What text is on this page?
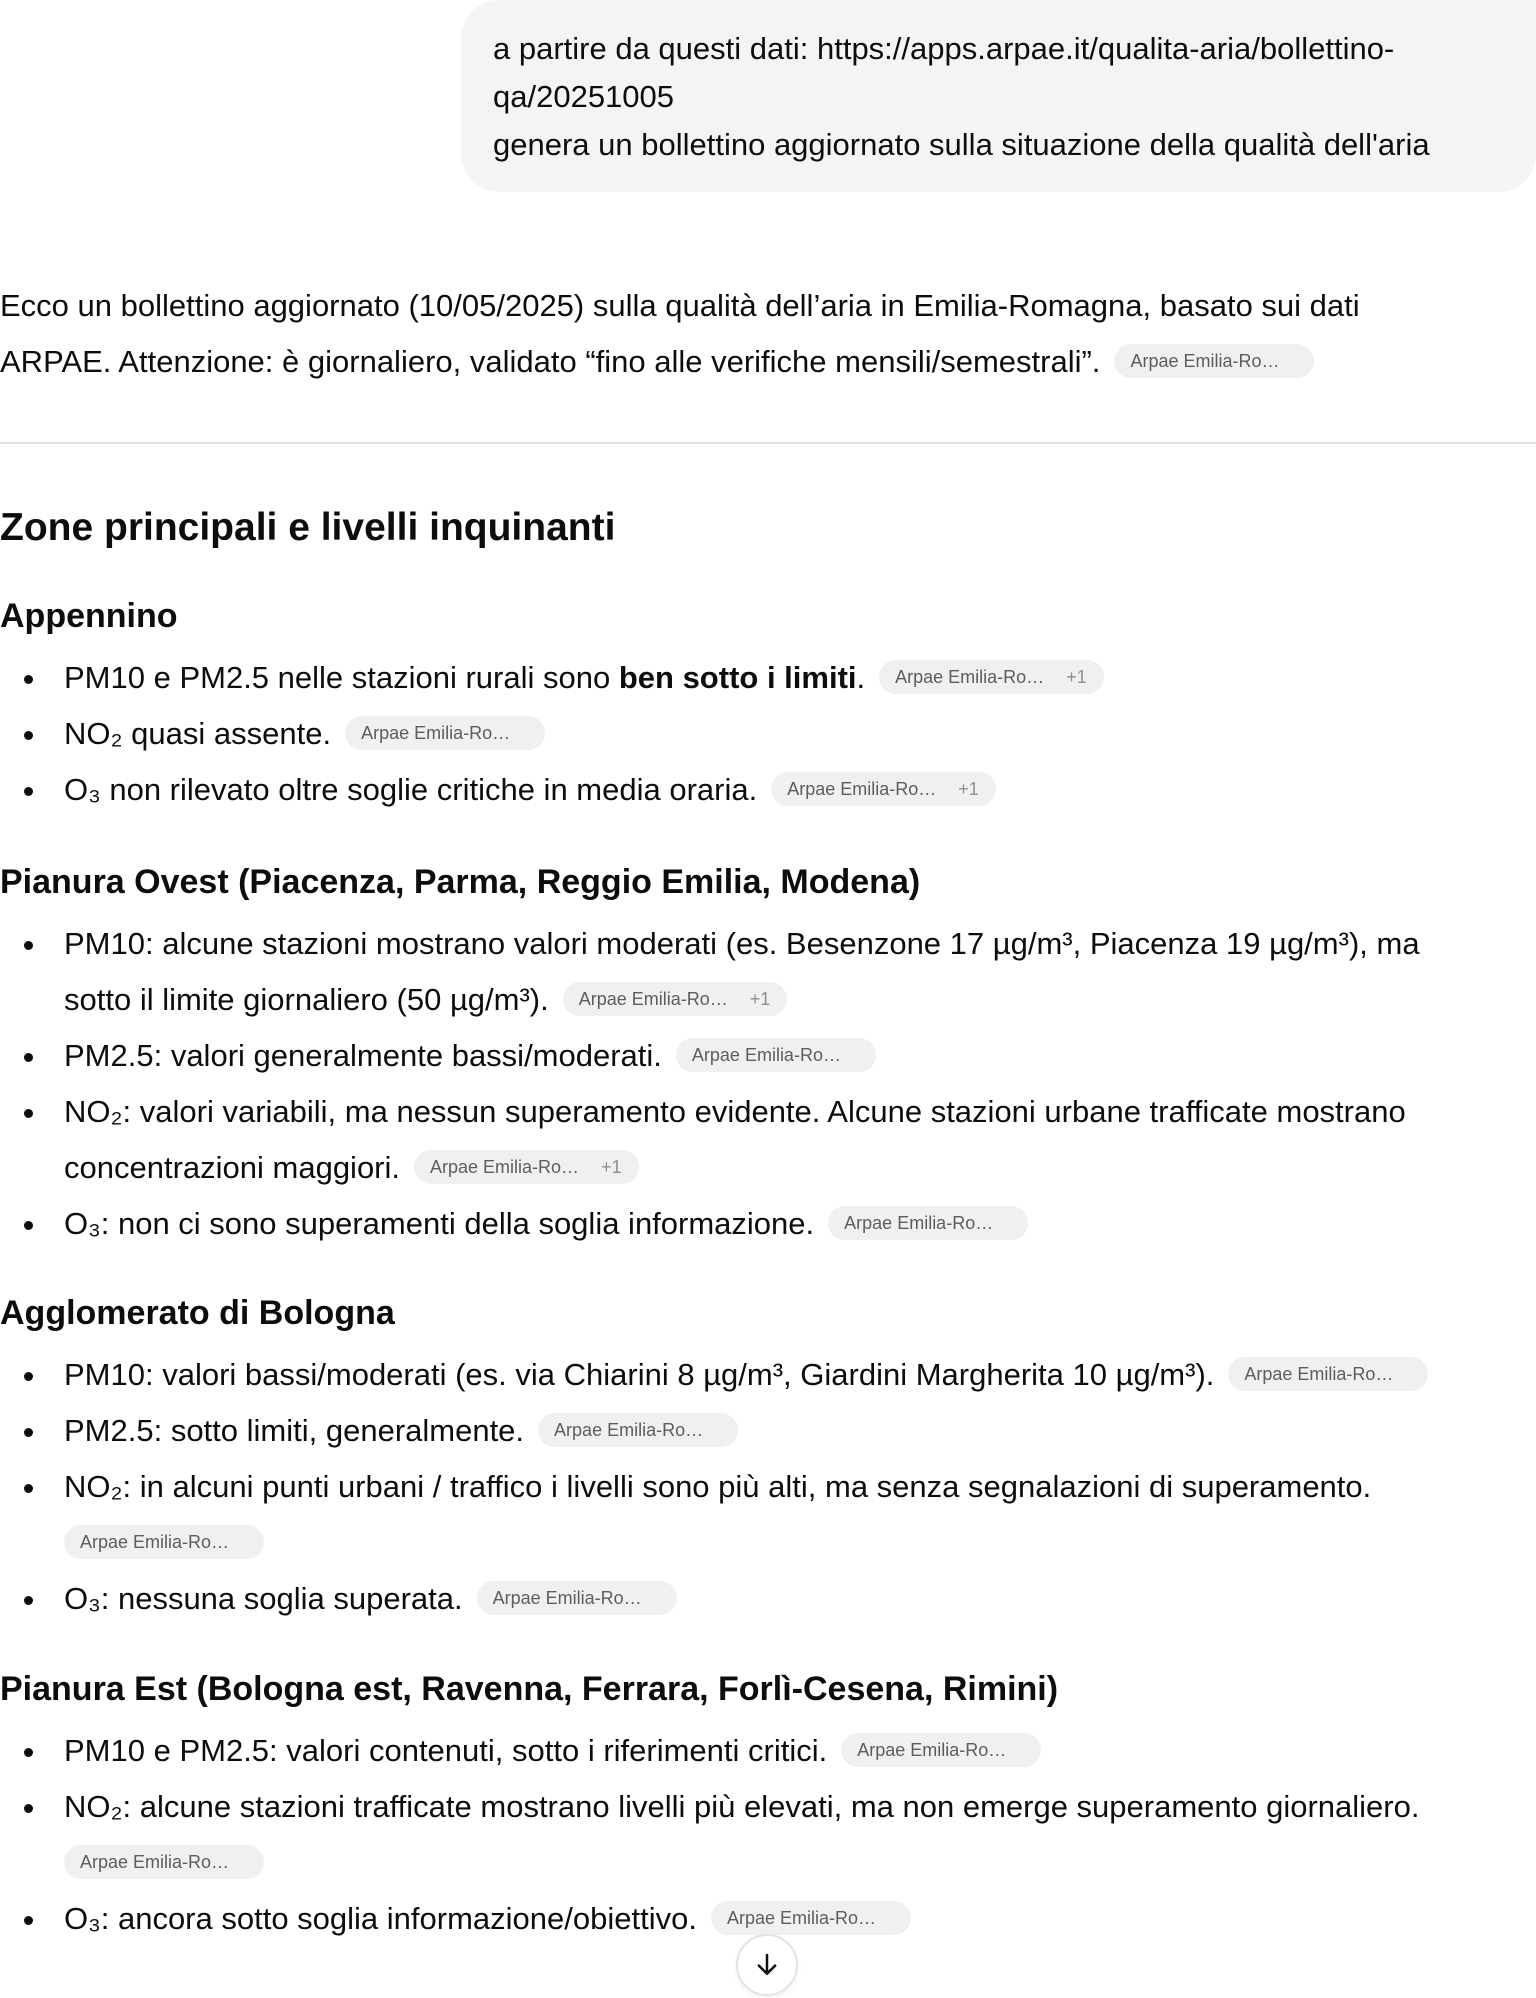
a partire da questi dati: https://apps.arpae.it/qualita-aria/bollettino-
qa/20251005
genera un bollettino aggiornato sulla situazione della qualità dell'aria

Ecco un bollettino aggiornato (10/05/2025) sulla qualità dell’aria in Emilia-Romagna, basato sui dati
ARPAE. Attenzione: è giornaliero, validato “fino alle verifiche mensili/semestrali”. Arpae Emilia-Ro…

Zone principali e livelli inquinanti
Appennino
PM10 e PM2.5 nelle stazioni rurali sono ben sotto i limiti. Arpae Emilia-Ro… +1
NO₂ quasi assente. Arpae Emilia-Ro…
O₃ non rilevato oltre soglie critiche in media oraria. Arpae Emilia-Ro… +1
Pianura Ovest (Piacenza, Parma, Reggio Emilia, Modena)
PM10: alcune stazioni mostrano valori moderati (es. Besenzone 17 µg/m³, Piacenza 19 µg/m³), ma
sotto il limite giornaliero (50 µg/m³). Arpae Emilia-Ro… +1
PM2.5: valori generalmente bassi/moderati. Arpae Emilia-Ro…
NO₂: valori variabili, ma nessun superamento evidente. Alcune stazioni urbane trafficate mostrano
concentrazioni maggiori. Arpae Emilia-Ro… +1
O₃: non ci sono superamenti della soglia informazione. Arpae Emilia-Ro…
Agglomerato di Bologna
PM10: valori bassi/moderati (es. via Chiarini 8 µg/m³, Giardini Margherita 10 µg/m³). Arpae Emilia-Ro…
PM2.5: sotto limiti, generalmente. Arpae Emilia-Ro…
NO₂: in alcuni punti urbani / traffico i livelli sono più alti, ma senza segnalazioni di superamento.
Arpae Emilia-Ro…
O₃: nessuna soglia superata. Arpae Emilia-Ro…
Pianura Est (Bologna est, Ravenna, Ferrara, Forlì-Cesena, Rimini)
PM10 e PM2.5: valori contenuti, sotto i riferimenti critici. Arpae Emilia-Ro…
NO₂: alcune stazioni trafficate mostrano livelli più elevati, ma non emerge superamento giornaliero.
Arpae Emilia-Ro…
O₃: ancora sotto soglia informazione/obiettivo. Arpae Emilia-Ro…
